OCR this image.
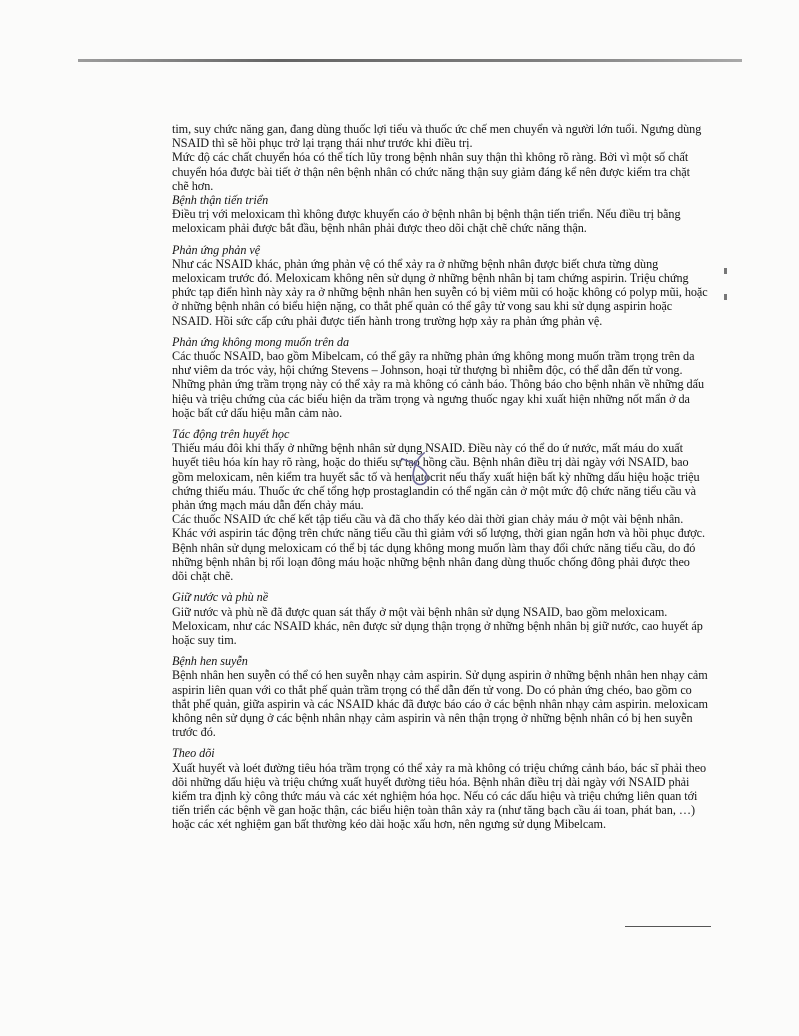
tim, suy chức năng gan, đang dùng thuốc lợi tiểu và thuốc ức chế men chuyển và người lớn tuổi. Ngưng dùng NSAID thì sẽ hồi phục trở lại trạng thái như trước khi điều trị.

Mức độ các chất chuyển hóa có thể tích lũy trong bệnh nhân suy thận thì không rõ ràng. Bởi vì một số chất chuyển hóa được bài tiết ở thận nên bệnh nhân có chức năng thận suy giảm đáng kể nên được kiểm tra chặt chẽ hơn.

Bệnh thận tiến triển

Điều trị với meloxicam thì không được khuyến cáo ở bệnh nhân bị bệnh thận tiến triển. Nếu điều trị bằng meloxicam phải được bắt đầu, bệnh nhân phải được theo dõi chặt chẽ chức năng thận.

Phản ứng phản vệ

Như các NSAID khác, phản ứng phản vệ có thể xảy ra ở những bệnh nhân được biết chưa từng dùng meloxicam trước đó. Meloxicam không nên sử dụng ở những bệnh nhân bị tam chứng aspirin. Triệu chứng phức tạp điển hình này xảy ra ở những bệnh nhân hen suyễn có bị viêm mũi có hoặc không có polyp mũi, hoặc ở những bệnh nhân có biểu hiện nặng, co thắt phế quản có thể gây tử vong sau khi sử dụng aspirin hoặc NSAID. Hồi sức cấp cứu phải được tiến hành trong trường hợp xảy ra phản ứng phản vệ.

Phản ứng không mong muốn trên da

Các thuốc NSAID, bao gồm Mibelcam, có thể gây ra những phản ứng không mong muốn trầm trọng trên da như viêm da tróc vảy, hội chứng Stevens – Johnson, hoại tử thượng bì nhiễm độc, có thể dẫn đến tử vong. Những phản ứng trầm trọng này có thể xảy ra mà không có cảnh báo. Thông báo cho bệnh nhân về những dấu hiệu và triệu chứng của các biểu hiện da trầm trọng và ngưng thuốc ngay khi xuất hiện những nốt mẩn ở da hoặc bất cứ dấu hiệu mẫn cảm nào.

Tác động trên huyết học

Thiếu máu đôi khi thấy ở những bệnh nhân sử dụng NSAID. Điều này có thể do ứ nước, mất máu do xuất huyết tiêu hóa kín hay rõ ràng, hoặc do thiếu sự tạo hồng cầu. Bệnh nhân điều trị dài ngày với NSAID, bao gồm meloxicam, nên kiểm tra huyết sắc tố và hematocrit nếu thấy xuất hiện bất kỳ những dấu hiệu hoặc triệu chứng thiếu máu. Thuốc ức chế tổng hợp prostaglandin có thể ngăn cản ở một mức độ chức năng tiểu cầu và phản ứng mạch máu dẫn đến chảy máu.

Các thuốc NSAID ức chế kết tập tiểu cầu và đã cho thấy kéo dài thời gian chảy máu ở một vài bệnh nhân. Khác với aspirin tác động trên chức năng tiểu cầu thì giảm với số lượng, thời gian ngắn hơn và hồi phục được. Bệnh nhân sử dụng meloxicam có thể bị tác dụng không mong muốn làm thay đổi chức năng tiểu cầu, do đó những bệnh nhân bị rối loạn đông máu hoặc những bệnh nhân đang dùng thuốc chống đông phải được theo dõi chặt chẽ.

Giữ nước và phù nề

Giữ nước và phù nề đã được quan sát thấy ở một vài bệnh nhân sử dụng NSAID, bao gồm meloxicam. Meloxicam, như các NSAID khác, nên được sử dụng thận trọng ở những bệnh nhân bị giữ nước, cao huyết áp hoặc suy tim.

Bệnh hen suyễn

Bệnh nhân hen suyễn có thể có hen suyễn nhạy cảm aspirin. Sử dụng aspirin ở những bệnh nhân hen nhạy cảm aspirin liên quan với co thắt phế quản trầm trọng có thể dẫn đến tử vong. Do có phản ứng chéo, bao gồm co thắt phế quản, giữa aspirin và các NSAID khác đã được báo cáo ở các bệnh nhân nhạy cảm aspirin. meloxicam không nên sử dụng ở các bệnh nhân nhạy cảm aspirin và nên thận trọng ở những bệnh nhân có bị hen suyễn trước đó.

Theo dõi

Xuất huyết và loét đường tiêu hóa trầm trọng có thể xảy ra mà không có triệu chứng cảnh báo, bác sĩ phải theo dõi những dấu hiệu và triệu chứng xuất huyết đường tiêu hóa. Bệnh nhân điều trị dài ngày với NSAID phải kiểm tra định kỳ công thức máu và các xét nghiệm hóa học. Nếu có các dấu hiệu và triệu chứng liên quan tới tiến triển các bệnh về gan hoặc thận, các biểu hiện toàn thân xảy ra (như tăng bạch cầu ái toan, phát ban, …) hoặc các xét nghiệm gan bất thường kéo dài hoặc xấu hơn, nên ngưng sử dụng Mibelcam.
